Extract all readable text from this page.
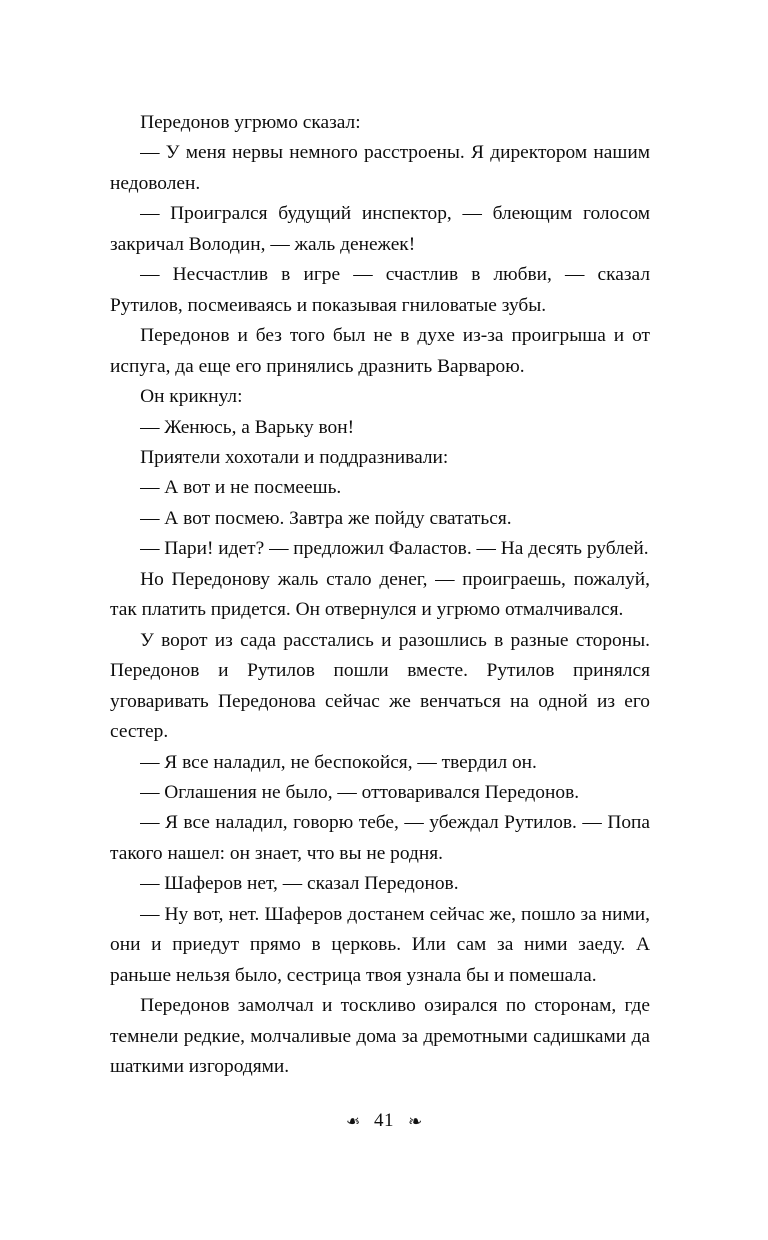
Передонов угрюмо сказал:

— У меня нервы немного расстроены. Я директором нашим недоволен.

— Проигрался будущий инспектор, — блеющим голосом закричал Володин, — жаль денежек!

— Несчастлив в игре — счастлив в любви, — сказал Рутилов, посмеиваясь и показывая гниловатые зубы.

Передонов и без того был не в духе из-за проигрыша и от испуга, да еще его принялись дразнить Варварою.

Он крикнул:

— Женюсь, а Варьку вон!

Приятели хохотали и поддразнивали:

— А вот и не посмеешь.

— А вот посмею. Завтра же пойду свататься.

— Пари! идет? — предложил Фаластов. — На десять рублей.

Но Передонову жаль стало денег, — проиграешь, пожалуй, так платить придется. Он отвернулся и угрюмо отмалчивался.

У ворот из сада расстались и разошлись в разные стороны. Передонов и Рутилов пошли вместе. Рутилов принялся уговаривать Передонова сейчас же венчаться на одной из его сестер.

— Я все наладил, не беспокойся, — твердил он.

— Оглашения не было, — оттоваривался Передонов.

— Я все наладил, говорю тебе, — убеждал Рутилов. — Попа такого нашел: он знает, что вы не родня.

— Шаферов нет, — сказал Передонов.

— Ну вот, нет. Шаферов достанем сейчас же, пошло за ними, они и приедут прямо в церковь. Или сам за ними заеду. А раньше нельзя было, сестрица твоя узнала бы и помешала.

Передонов замолчал и тоскливо озирался по сторонам, где темнели редкие, молчаливые дома за дремотными садишками да шаткими изгородями.

❧ 41 ❧
